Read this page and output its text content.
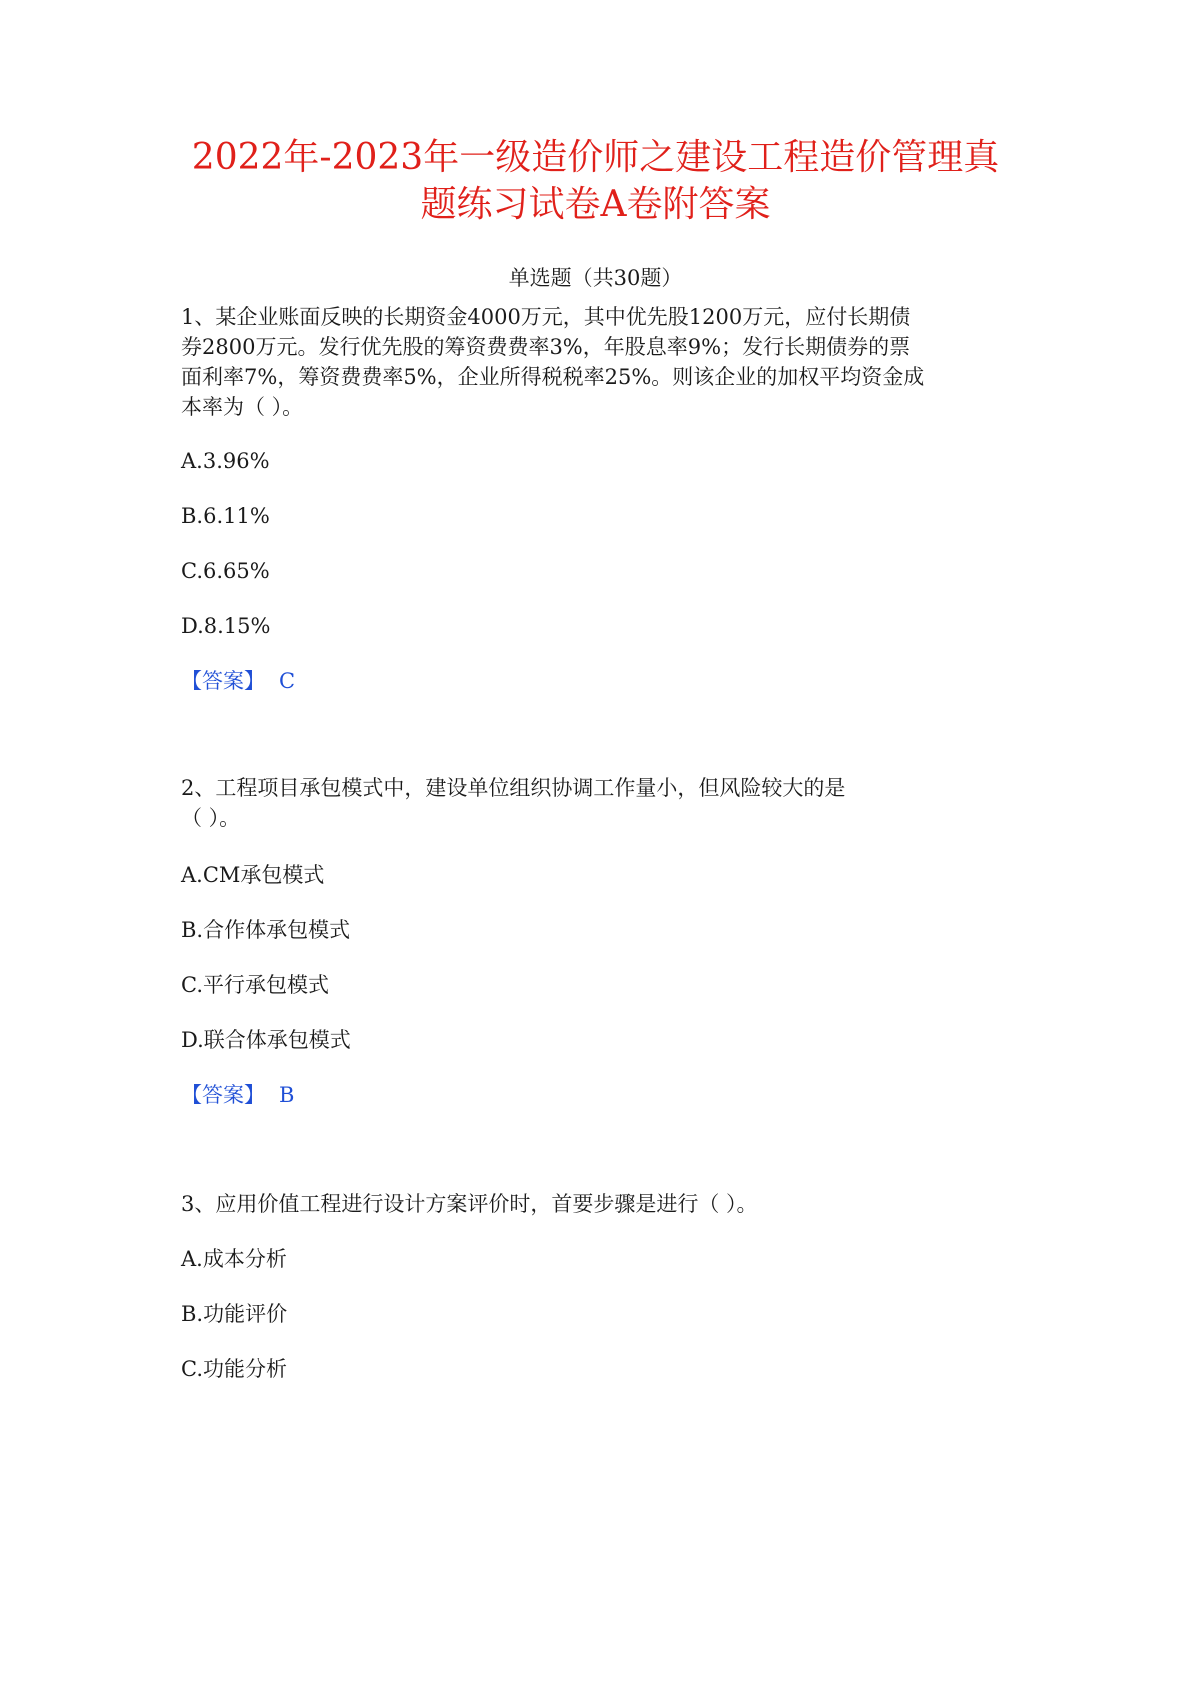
2022年-2023年一级造价师之建设工程造价管理真
题练习试卷A卷附答案

单选题（共30题）

1、某企业账面反映的长期资金4000万元，其中优先股1200万元，应付长期债

券2800万元。发行优先股的筹资费费率3%，年股息率9%；发行长期债券的票

面利率7%，筹资费费率5%，企业所得税税率25%。则该企业的加权平均资金成

本率为（ ）。

A.3.96%

B.6.11%

C.6.65%

D.8.15%

【答案】 C

2、工程项目承包模式中，建设单位组织协调工作量小，但风险较大的是

（ ）。

A.CM承包模式

B.合作体承包模式

C.平行承包模式

D.联合体承包模式

【答案】 B

3、应用价值工程进行设计方案评价时，首要步骤是进行（ ）。

A.成本分析

B.功能评价

C.功能分析
